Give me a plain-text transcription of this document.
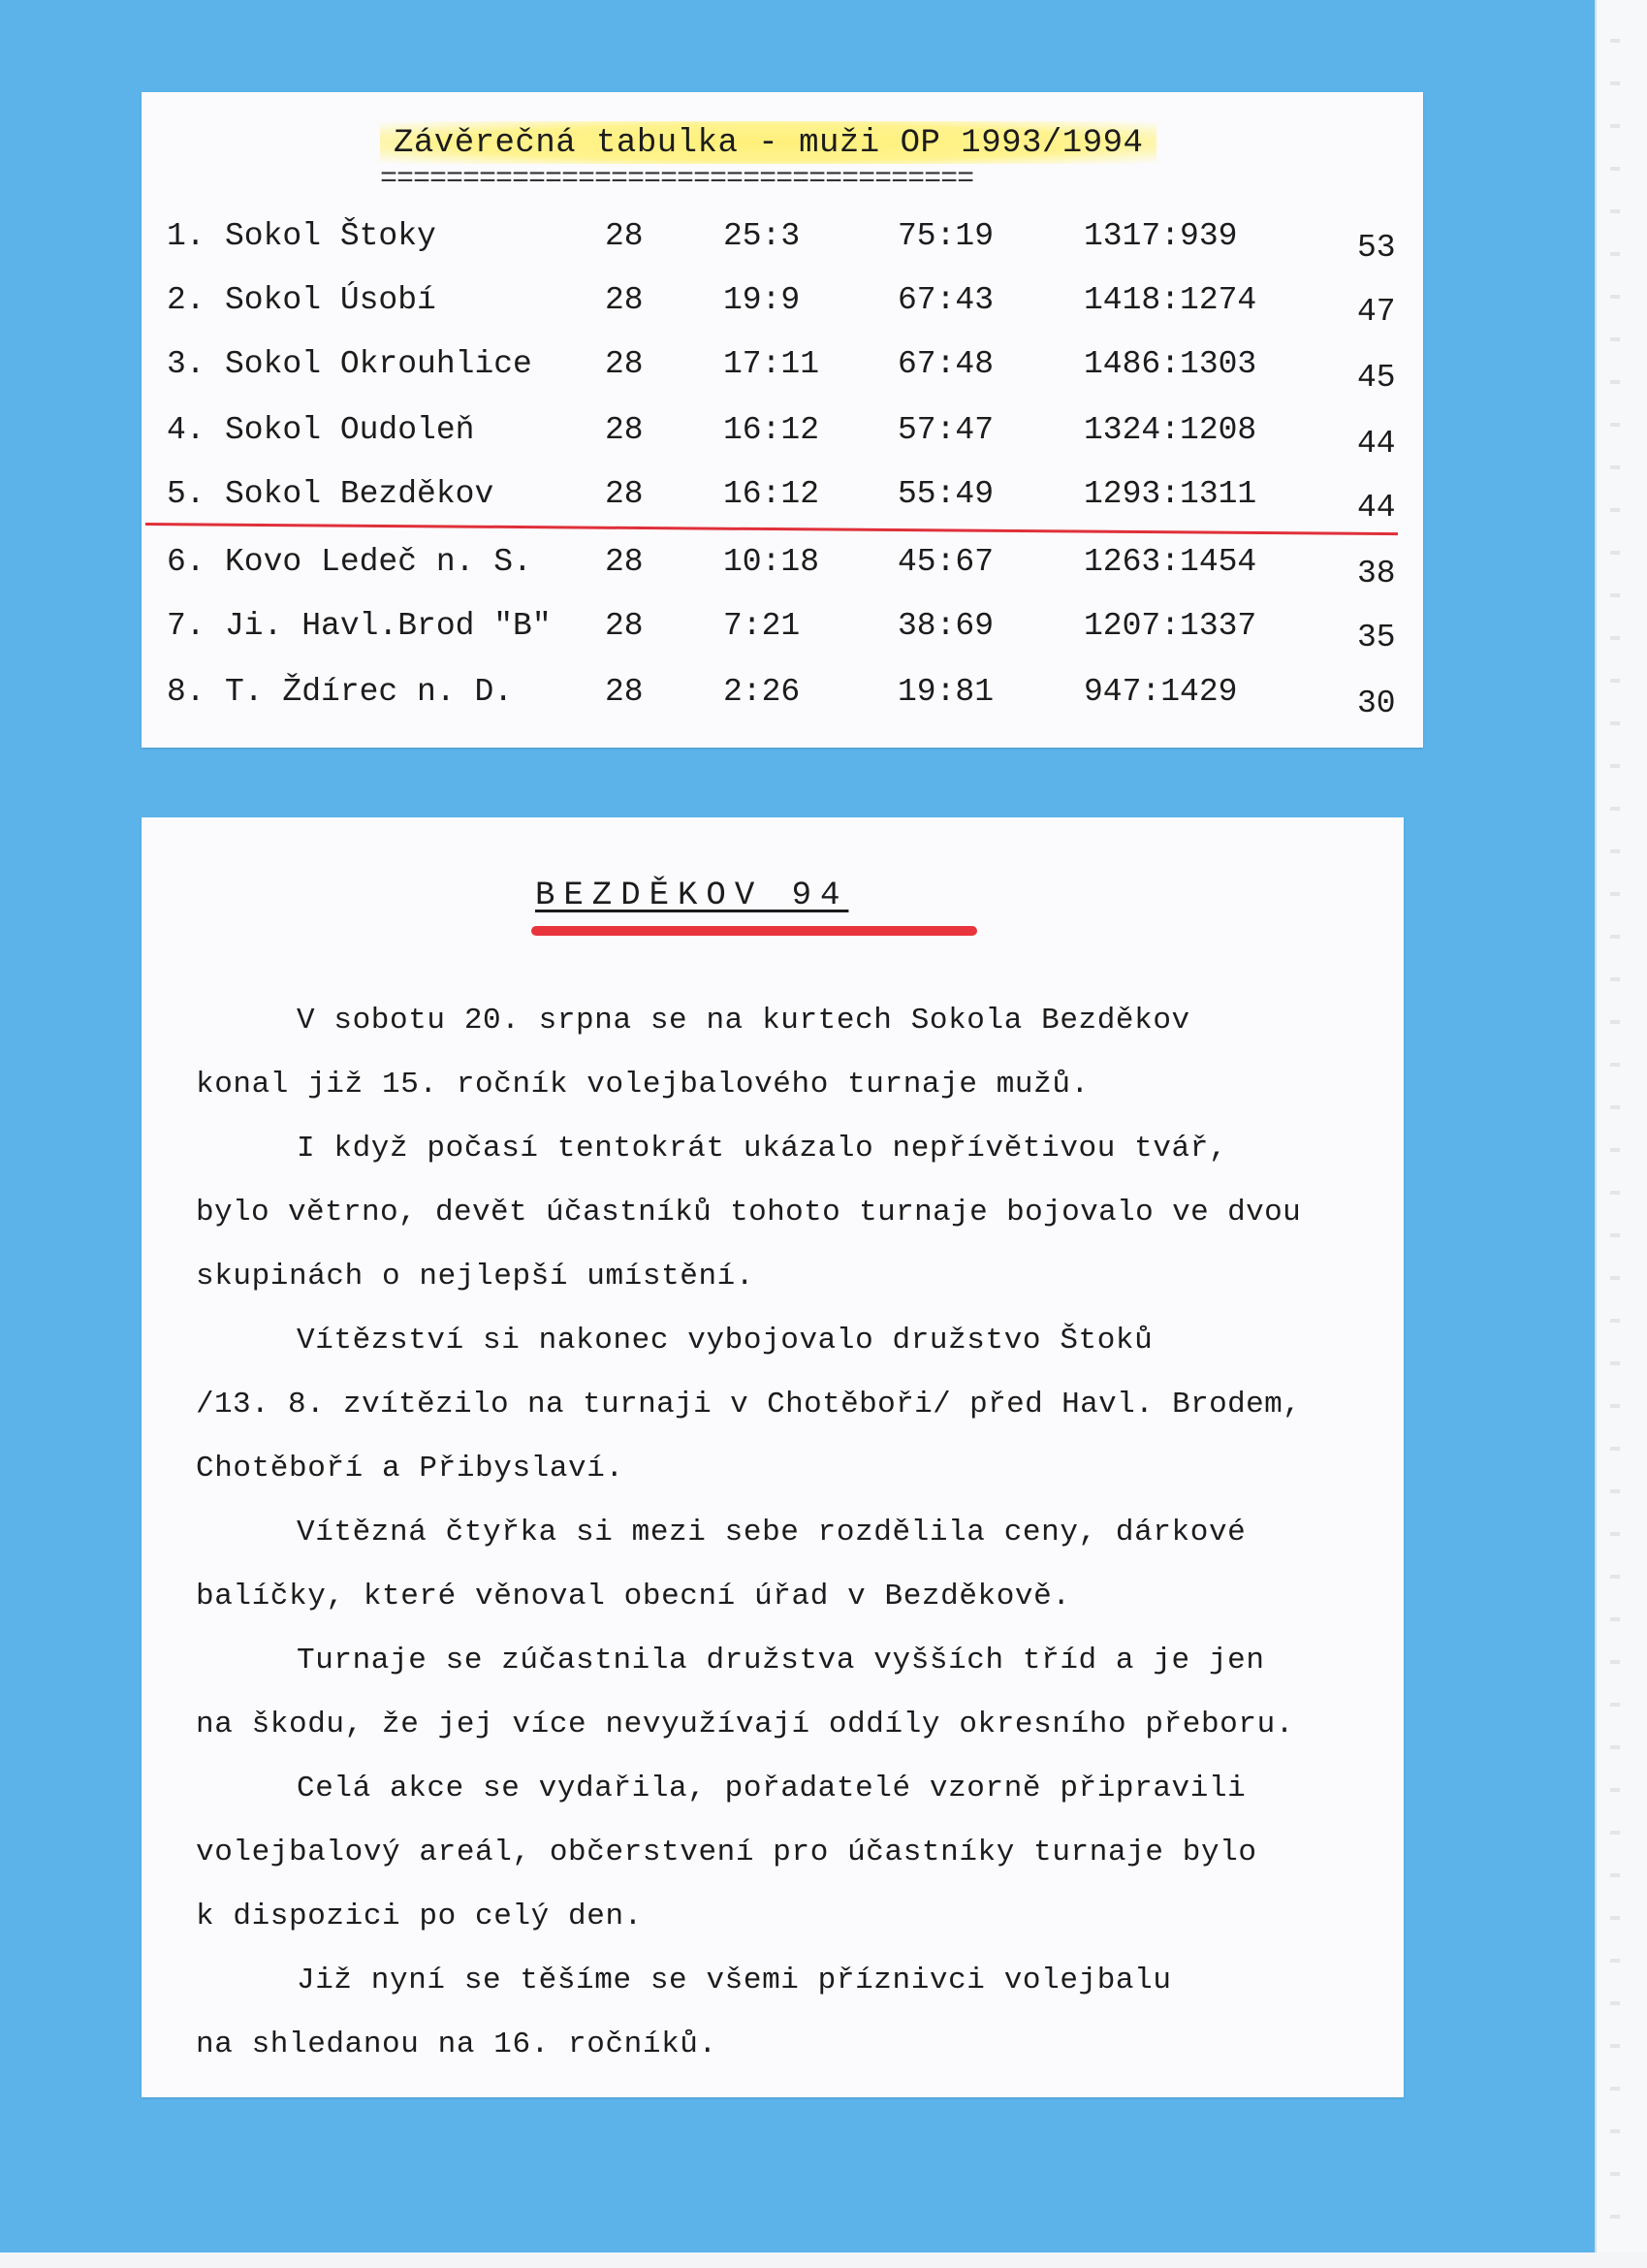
Závěrečná tabulka - muži OP 1993/1994
====================================
1. Sokol Štoky	28 25:3	75:19	1317:939	53
2. Sokol Úsobí	28 19:9	67:43	1418:1274	47
3. Sokol Okrouhlice 28 17:11 67:48	1486:1303	45
4. Sokol Oudoleň	28 16:12 57:47	1324:1208	44
5. Sokol Bezděkov	28 16:12 55:49	1293:1311	44
6. Kovo Ledeč n. S. 28 10:18 45:67	1263:1454	38
7. Ji. Havl.Brod "B" 28 7:21	38:69	1207:1337	35
8. T. Ždírec n. D.	28 2:26	19:81	947:1429	30
BEZDĚKOV 94
V sobotu 20. srpna se na kurtech Sokola Bezděkov
konal již 15. ročník volejbalového turnaje mužů.
I když počasí tentokrát ukázalo nepřívětivou tvář,
bylo větrno, devět účastníků tohoto turnaje bojovalo ve dvou
skupinách o nejlepší umístění.
Vítězství si nakonec vybojovalo družstvo Štoků
/13. 8. zvítězilo na turnaji v Chotěboři/ před Havl. Brodem,
Chotěboří a Přibyslaví.
Vítězná čtyřka si mezi sebe rozdělila ceny, dárkové
balíčky, které věnoval obecní úřad v Bezděkově.
Turnaje se zúčastnila družstva vyšších tříd a je jen
na škodu, že jej více nevyužívají oddíly okresního přeboru.
Celá akce se vydařila, pořadatelé vzorně připravili
volejbalový areál, občerstvení pro účastníky turnaje bylo
k dispozici po celý den.
Již nyní se těšíme se všemi příznivci volejbalu
na shledanou na 16. ročníků.
